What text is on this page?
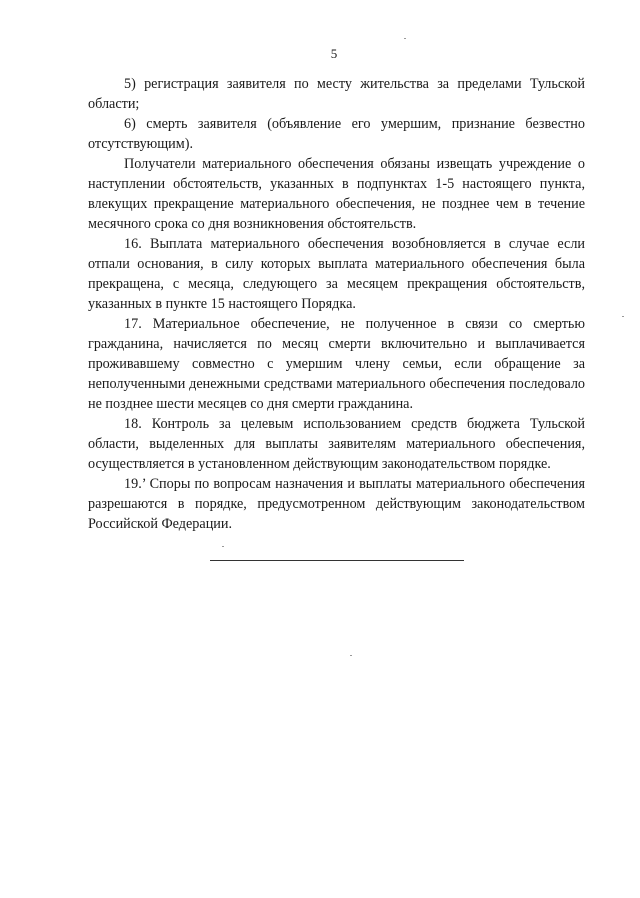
5

5) регистрация заявителя по месту жительства за пределами Тульской области;

6) смерть заявителя (объявление его умершим, признание безвестно отсутствующим).

Получатели материального обеспечения обязаны извещать учреждение о наступлении обстоятельств, указанных в подпунктах 1-5 настоящего пункта, влекущих прекращение материального обеспечения, не позднее чем в течение месячного срока со дня возникновения обстоятельств.

16. Выплата материального обеспечения возобновляется в случае если отпали основания, в силу которых выплата материального обеспечения была прекращена, с месяца, следующего за месяцем прекращения обстоятельств, указанных в пункте 15 настоящего Порядка.

17. Материальное обеспечение, не полученное в связи со смертью гражданина, начисляется по месяц смерти включительно и выплачивается проживавшему совместно с умершим члену семьи, если обращение за неполученными денежными средствами материального обеспечения последовало не позднее шести месяцев со дня смерти гражданина.

18. Контроль за целевым использованием средств бюджета Тульской области, выделенных для выплаты заявителям материального обеспечения, осуществляется в установленном действующим законодательством порядке.

19.’ Споры по вопросам назначения и выплаты материального обеспечения разрешаются в порядке, предусмотренном действующим законодательством Российской Федерации.
